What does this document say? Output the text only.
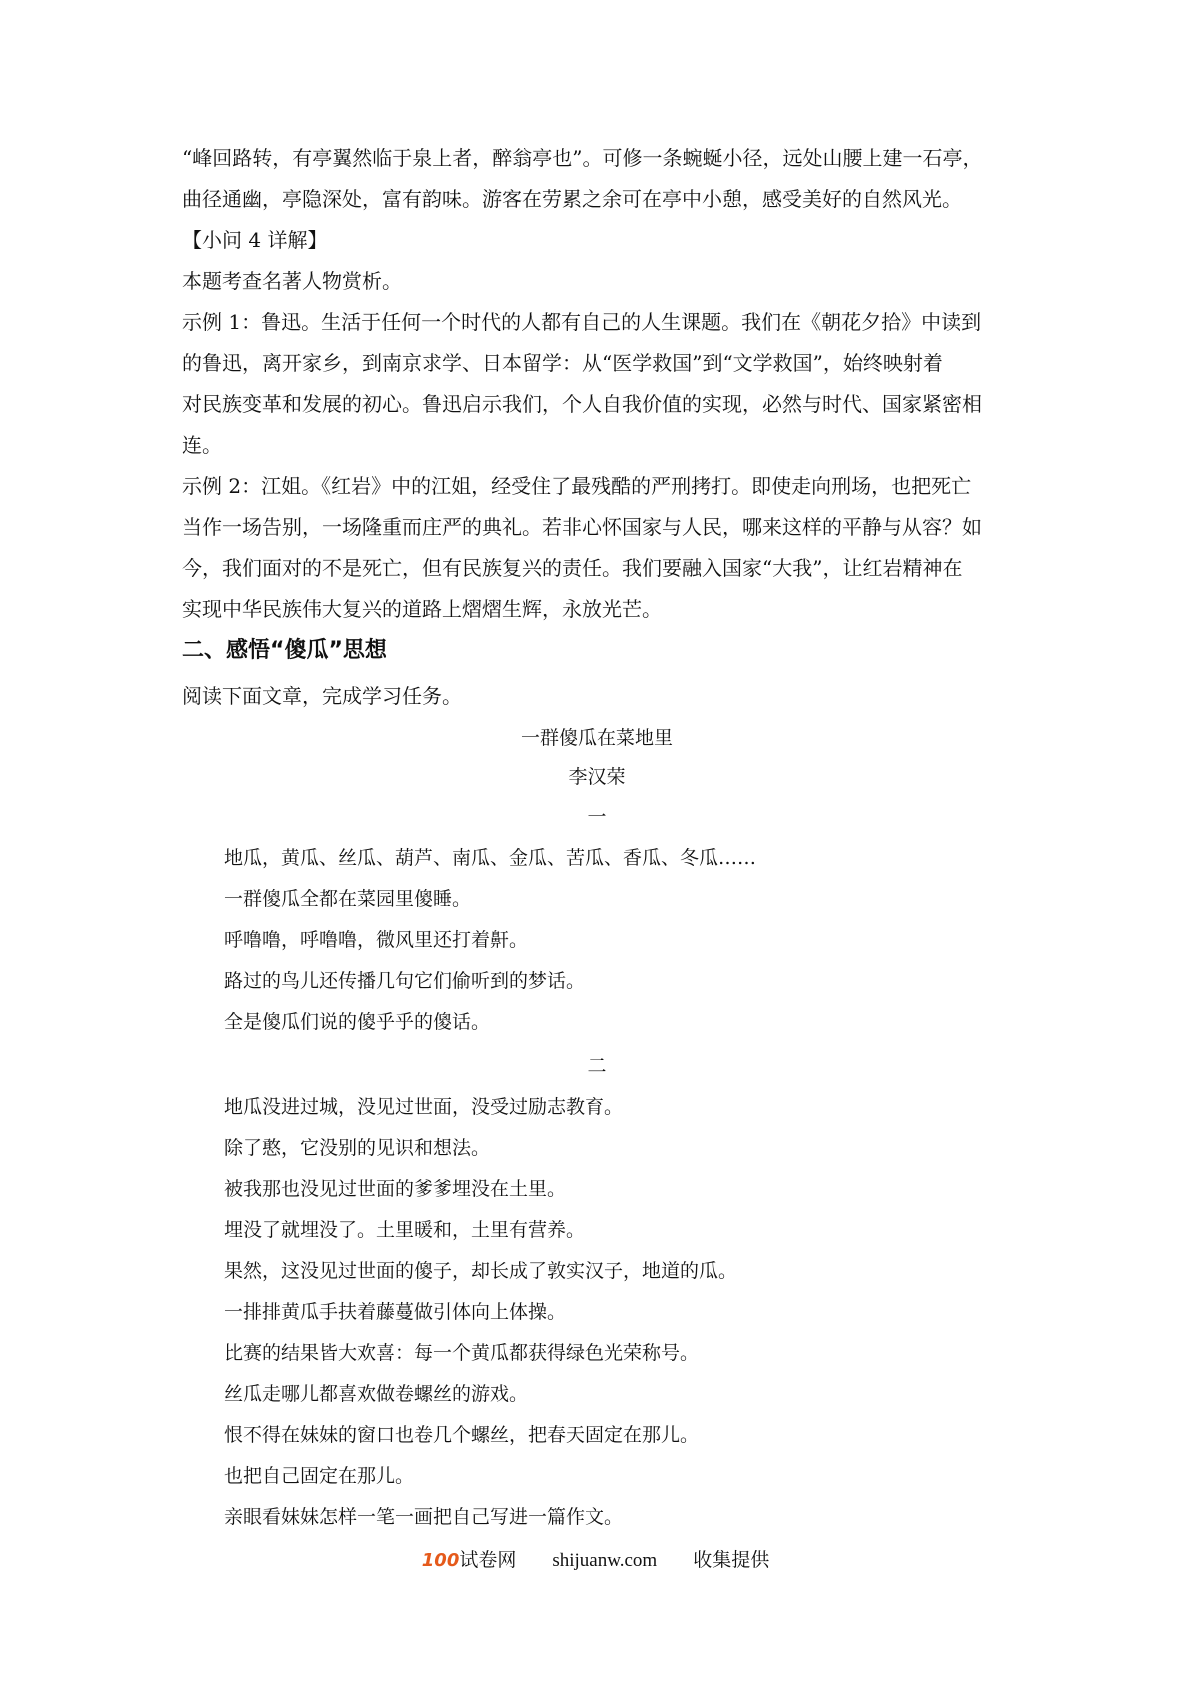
“峰回路转，有亭翼然临于泉上者，醉翁亭也”。可修一条蜿蜒小径，远处山腰上建一石亭，
曲径通幽，亭隐深处，富有韵味。游客在劳累之余可在亭中小憩，感受美好的自然风光。
【小问 4 详解】
本题考查名著人物赏析。
示例 1：鲁迅。生活于任何一个时代的人都有自己的人生课题。我们在《朝花夕拾》中读到
的鲁迅，离开家乡，到南京求学、日本留学：从“医学救国”到“文学救国”，始终映射着
对民族变革和发展的初心。鲁迅启示我们，个人自我价值的实现，必然与时代、国家紧密相
连。
示例 2：江姐。《红岩》中的江姐，经受住了最残酷的严刑拷打。即使走向刑场，也把死亡
当作一场告别，一场隆重而庄严的典礼。若非心怀国家与人民，哪来这样的平静与从容？如
今，我们面对的不是死亡，但有民族复兴的责任。我们要融入国家“大我”，让红岩精神在
实现中华民族伟大复兴的道路上熠熠生辉，永放光芒。
二、感悟“傻瓜”思想
阅读下面文章，完成学习任务。
一群傻瓜在菜地里
李汉荣
一
地瓜，黄瓜、丝瓜、葫芦、南瓜、金瓜、苦瓜、香瓜、冬瓜……
一群傻瓜全都在菜园里傻睡。
呼噜噜，呼噜噜，微风里还打着鼾。
路过的鸟儿还传播几句它们偷听到的梦话。
全是傻瓜们说的傻乎乎的傻话。
二
地瓜没进过城，没见过世面，没受过励志教育。
除了憨，它没别的见识和想法。
被我那也没见过世面的爹爹埋没在土里。
埋没了就埋没了。土里暖和，土里有营养。
果然，这没见过世面的傻子，却长成了敦实汉子，地道的瓜。
一排排黄瓜手扶着藤蔓做引体向上体操。
比赛的结果皆大欢喜：每一个黄瓜都获得绿色光荣称号。
丝瓜走哪儿都喜欢做卷螺丝的游戏。
恨不得在妹妹的窗口也卷几个螺丝，把春天固定在那儿。
也把自己固定在那儿。
亲眼看妹妹怎样一笔一画把自己写进一篇作文。
100试卷网 shijuanw.com 收集提供
